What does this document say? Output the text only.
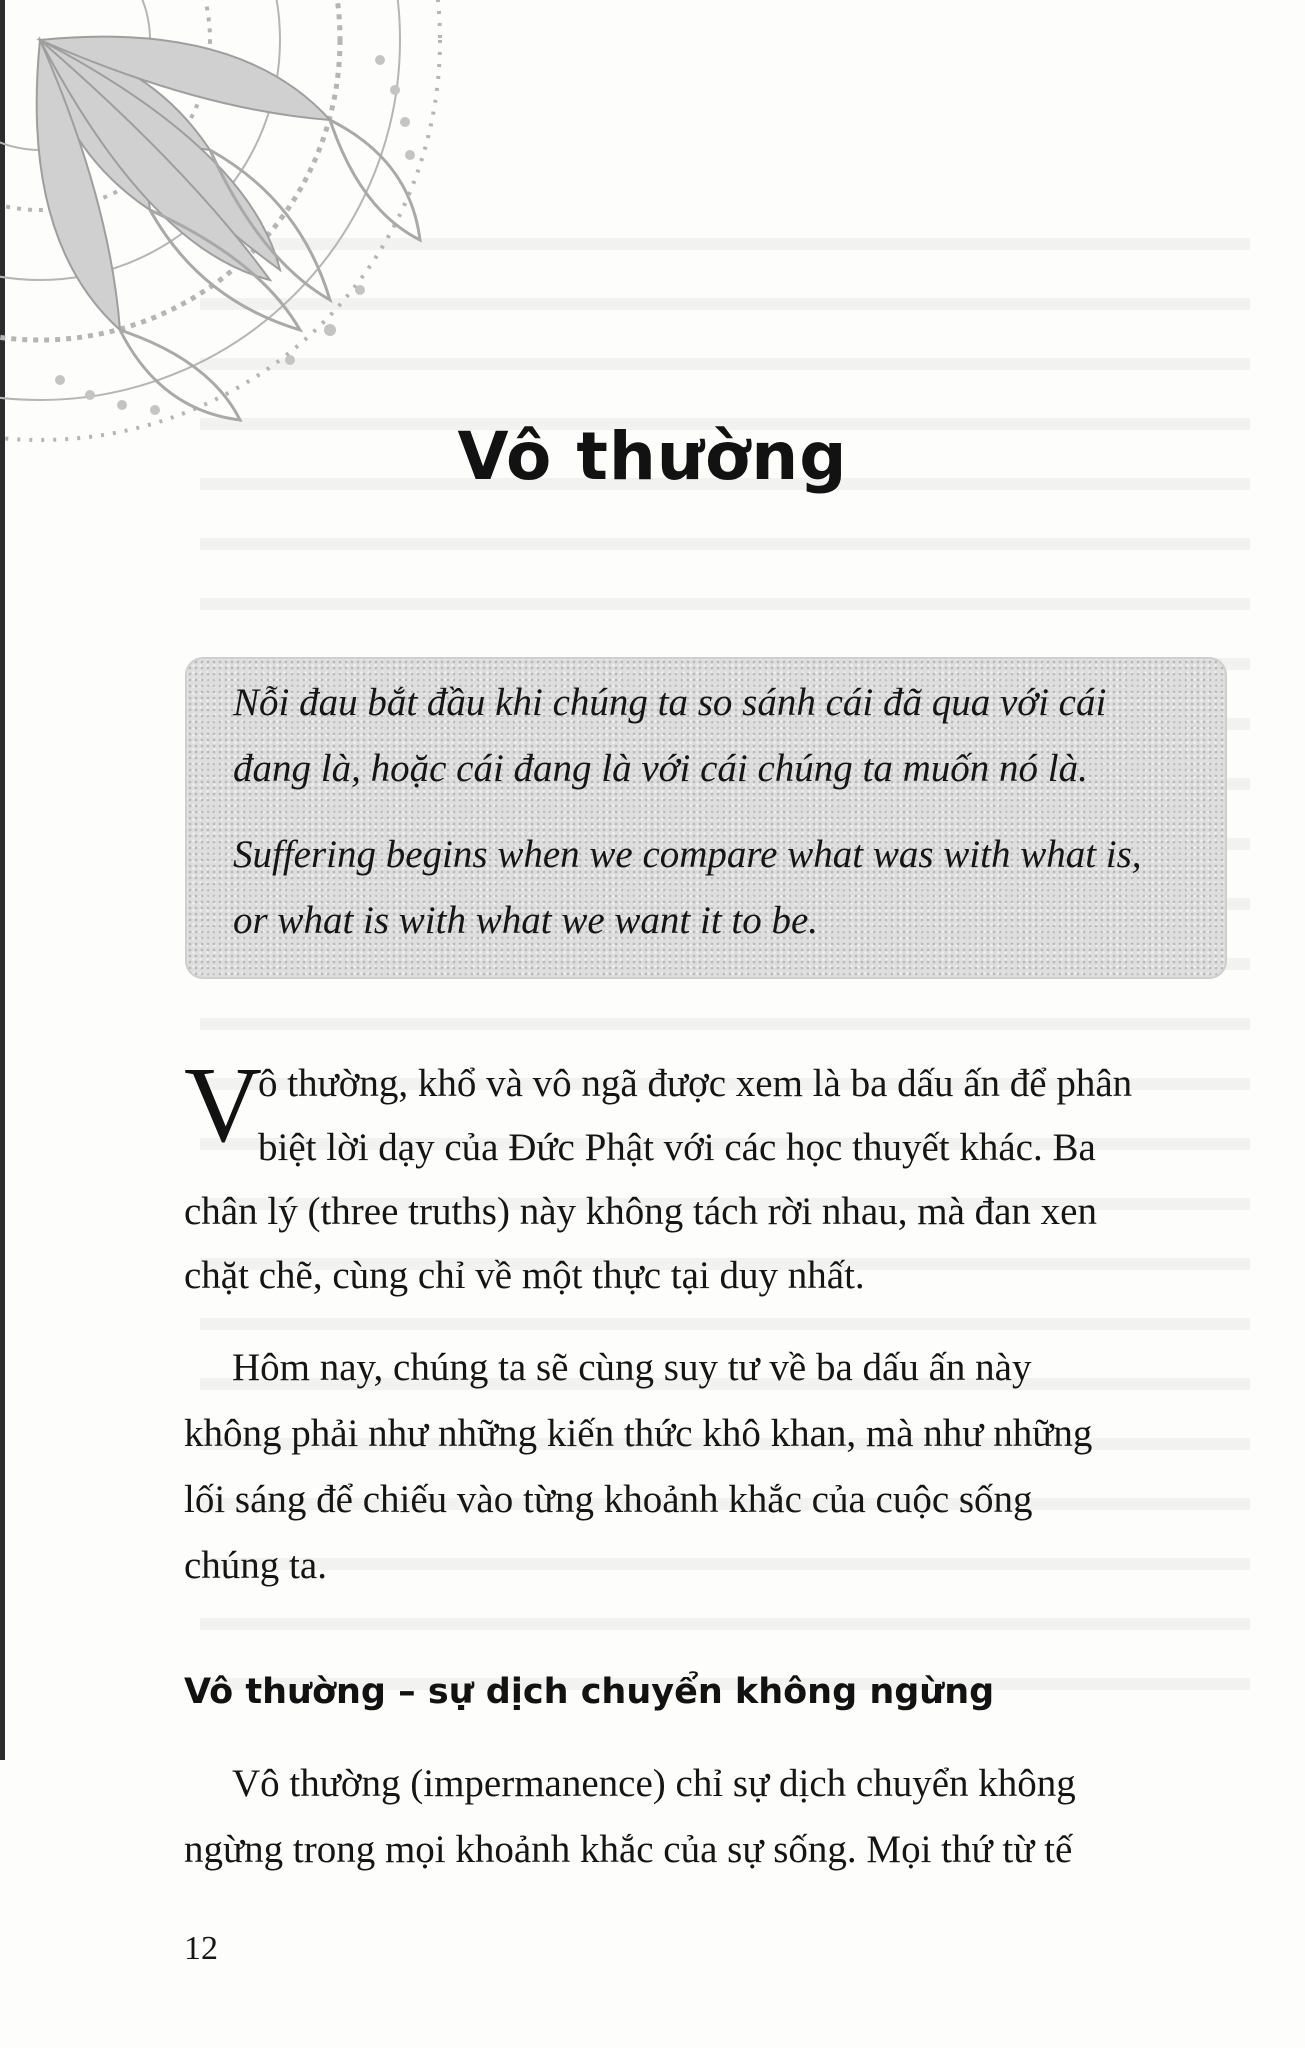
Vô thường
Nỗi đau bắt đầu khi chúng ta so sánh cái đã qua với cái
đang là, hoặc cái đang là với cái chúng ta muốn nó là.
Suffering begins when we compare what was with what is,
or what is with what we want it to be.
V
ô thường, khổ và vô ngã được xem là ba dấu ấn để phân
biệt lời dạy của Đức Phật với các học thuyết khác. Ba
chân lý (three truths) này không tách rời nhau, mà đan xen
chặt chẽ, cùng chỉ về một thực tại duy nhất.
Hôm nay, chúng ta sẽ cùng suy tư về ba dấu ấn này
không phải như những kiến thức khô khan, mà như những
lối sáng để chiếu vào từng khoảnh khắc của cuộc sống
chúng ta.
Vô thường – sự dịch chuyển không ngừng
Vô thường (impermanence) chỉ sự dịch chuyển không
ngừng trong mọi khoảnh khắc của sự sống. Mọi thứ từ tế
12
